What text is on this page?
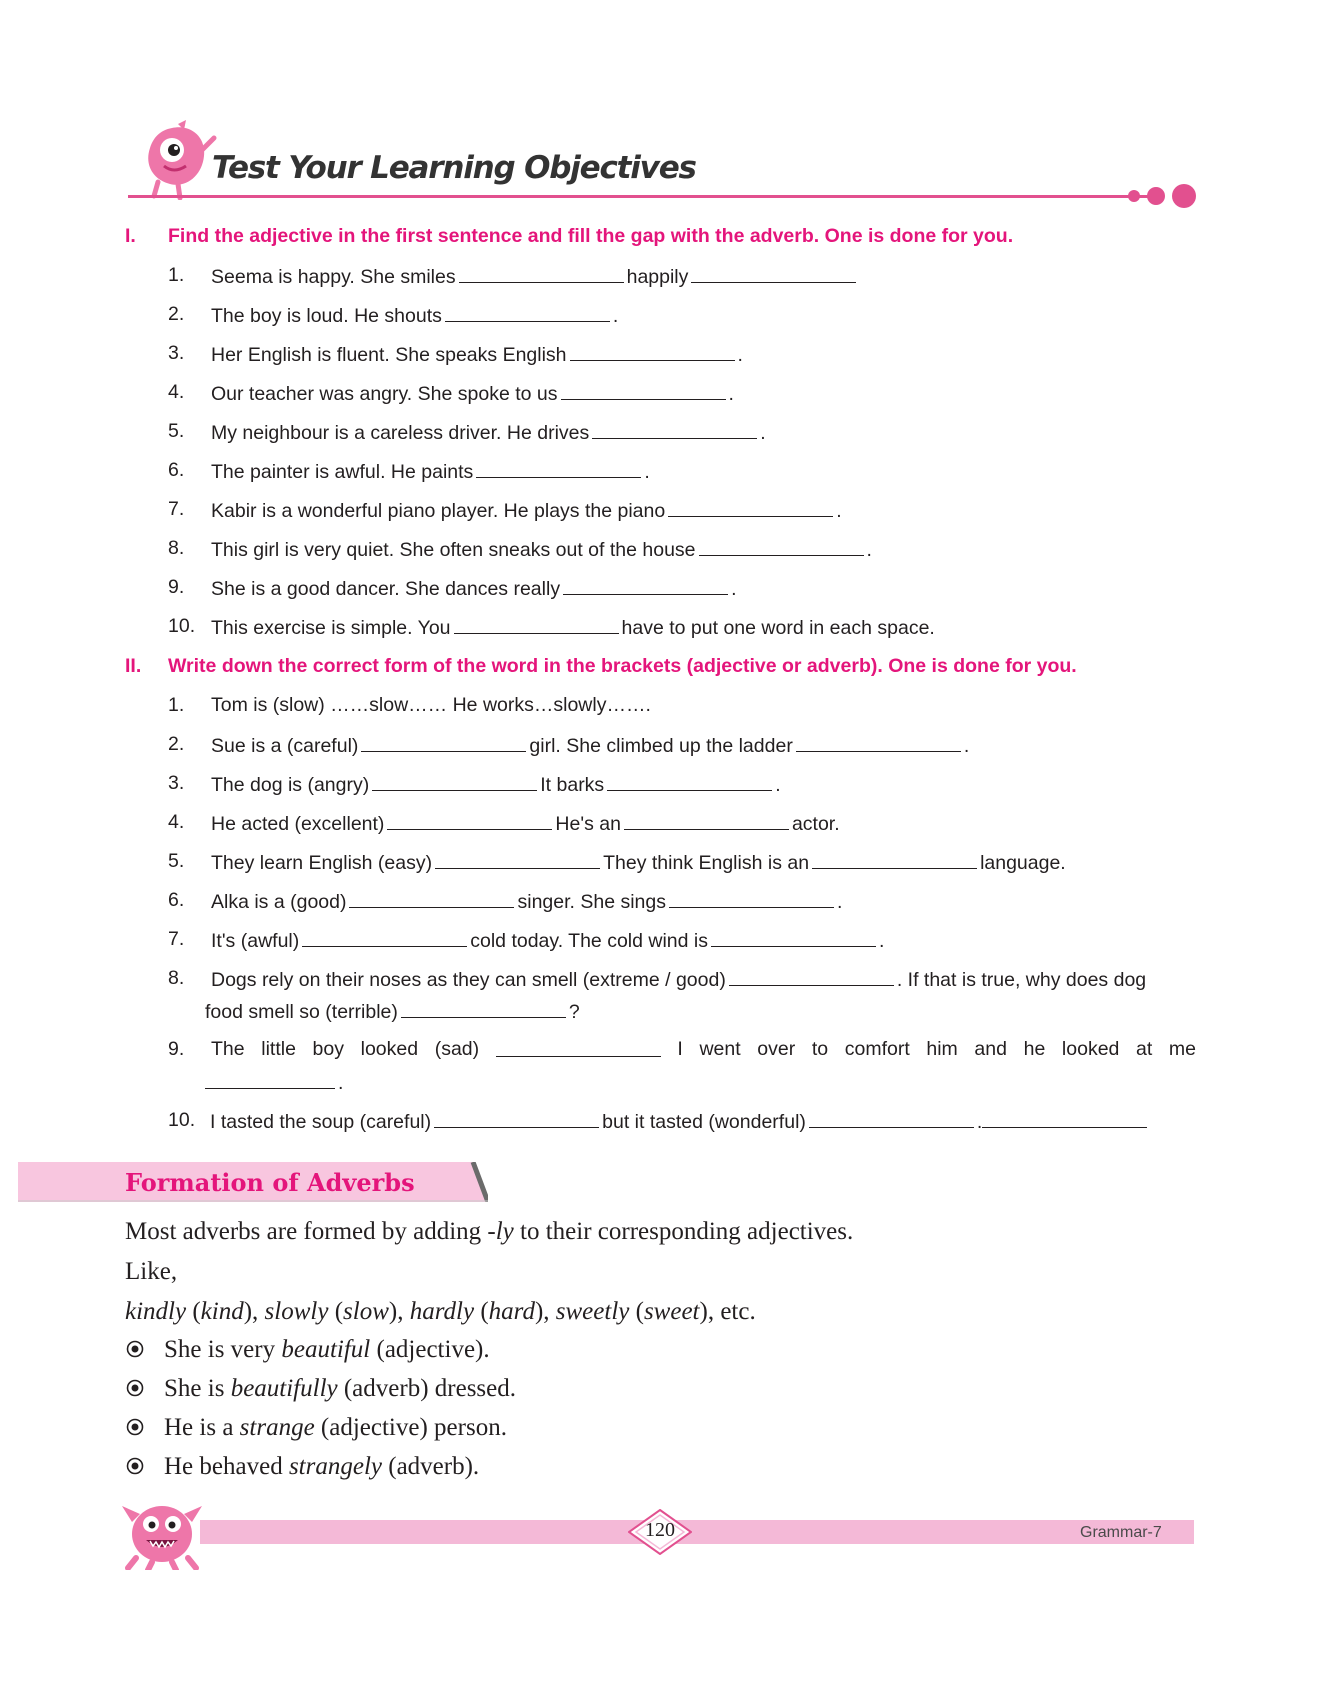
Test Your Learning Objectives
I. Find the adjective in the first sentence and fill the gap with the adverb. One is done for you.
1.	Seema is happy. She smiles	happily
2.	The boy is loud. He shouts	.
3.	Her English is fluent. She speaks English	.
4.	Our teacher was angry. She spoke to us	.
5.	My neighbour is a careless driver. He drives	.
6.	The painter is awful. He paints	.
7.	Kabir is a wonderful piano player. He plays the piano	.
8.	This girl is very quiet. She often sneaks out of the house	.
9.	She is a good dancer. She dances really	.
10. This exercise is simple. You	have to put one word in each space.
II. Write down the correct form of the word in the brackets (adjective or adverb). One is done for you.
1.	Tom is (slow) ……slow…… He works…slowly…….
2.	Sue is a (careful)	girl. She climbed up the ladder	.
3.	The dog is (angry)	It barks	.
4.	He acted (excellent)	He's an	actor.
5.	They learn English (easy)	They think English is an	language.
6.	Alka is a (good)	singer. She sings	.
7.	It's (awful)	cold today. The cold wind is	.
8.	Dogs rely on their noses as they can smell (extreme / good)	. If that is true, why does dog
food smell so (terrible)	?
9.	The little boy looked (sad)	I went over to comfort him and he looked at me
.
10. I tasted the soup (careful)	but it tasted (wonderful)	.
Formation of Adverbs
Most adverbs are formed by adding -ly to their corresponding adjectives.
Like,
kindly (kind), slowly (slow), hardly (hard), sweetly (sweet), etc.
She is very beautiful (adjective).
She is beautifully (adverb) dressed.
He is a strange (adjective) person.
He behaved strangely (adverb).
120	Grammar-7
